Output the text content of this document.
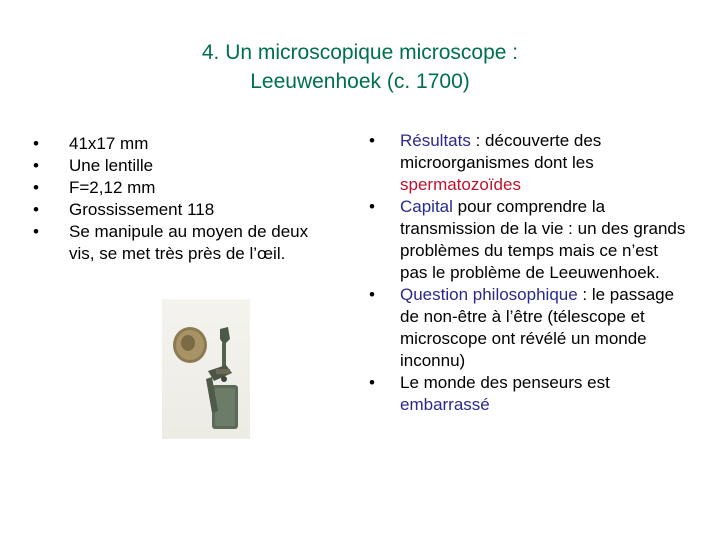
4. Un microscopique microscope :
Leeuwenhoek (c. 1700)
•	41x17 mm
•	Une lentille
•	F=2,12 mm
•	Grossissement 118
•	Se manipule au moyen de deux vis, se met très près de l’œil.
•	Résultats : découverte des microorganismes dont les spermatozoïdes
•	Capital pour comprendre la transmission de la vie : un des grands problèmes du temps mais ce n’est pas le problème de Leeuwenhoek.
•	Question philosophique : le passage de non-être à l’être (télescope et microscope ont révélé un monde inconnu)
•	Le monde des penseurs est embarrassé
